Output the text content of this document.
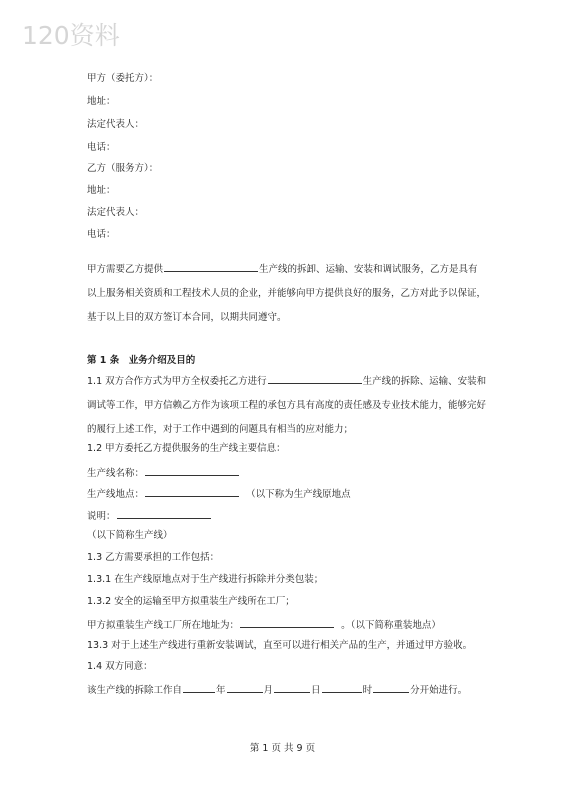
120资料
甲方（委托方）：
地址：
法定代表人：
电话：
乙方（服务方）：
地址：
法定代表人：
电话：
甲方需要乙方提供	生产线的拆卸、运输、安装和调试服务，乙方是具有以上服务相关资质和工程技术人员的企业，并能够向甲方提供良好的服务，乙方对此予以保证，基于以上目的双方签订本合同，以期共同遵守。
第 1 条　业务介绍及目的
1.1 双方合作方式为甲方全权委托乙方进行	生产线的拆除、运输、安装和调试等工作，甲方信赖乙方作为该项工程的承包方具有高度的责任感及专业技术能力，能够完好的履行上述工作，对于工作中遇到的问题具有相当的应对能力；
1.2 甲方委托乙方提供服务的生产线主要信息：
生产线名称：
生产线地点：	（以下称为生产线原地点
说明：
（以下简称生产线）
1.3 乙方需要承担的工作包括：
1.3.1 在生产线原地点对于生产线进行拆除并分类包装；
1.3.2 安全的运输至甲方拟重装生产线所在工厂；
甲方拟重装生产线工厂所在地址为：	。（以下简称重装地点）
13.3 对于上述生产线进行重新安装调试，直至可以进行相关产品的生产，并通过甲方验收。
1.4 双方同意：
该生产线的拆除工作自	年	月	日	时	分开始进行。
第 1 页 共 9 页
